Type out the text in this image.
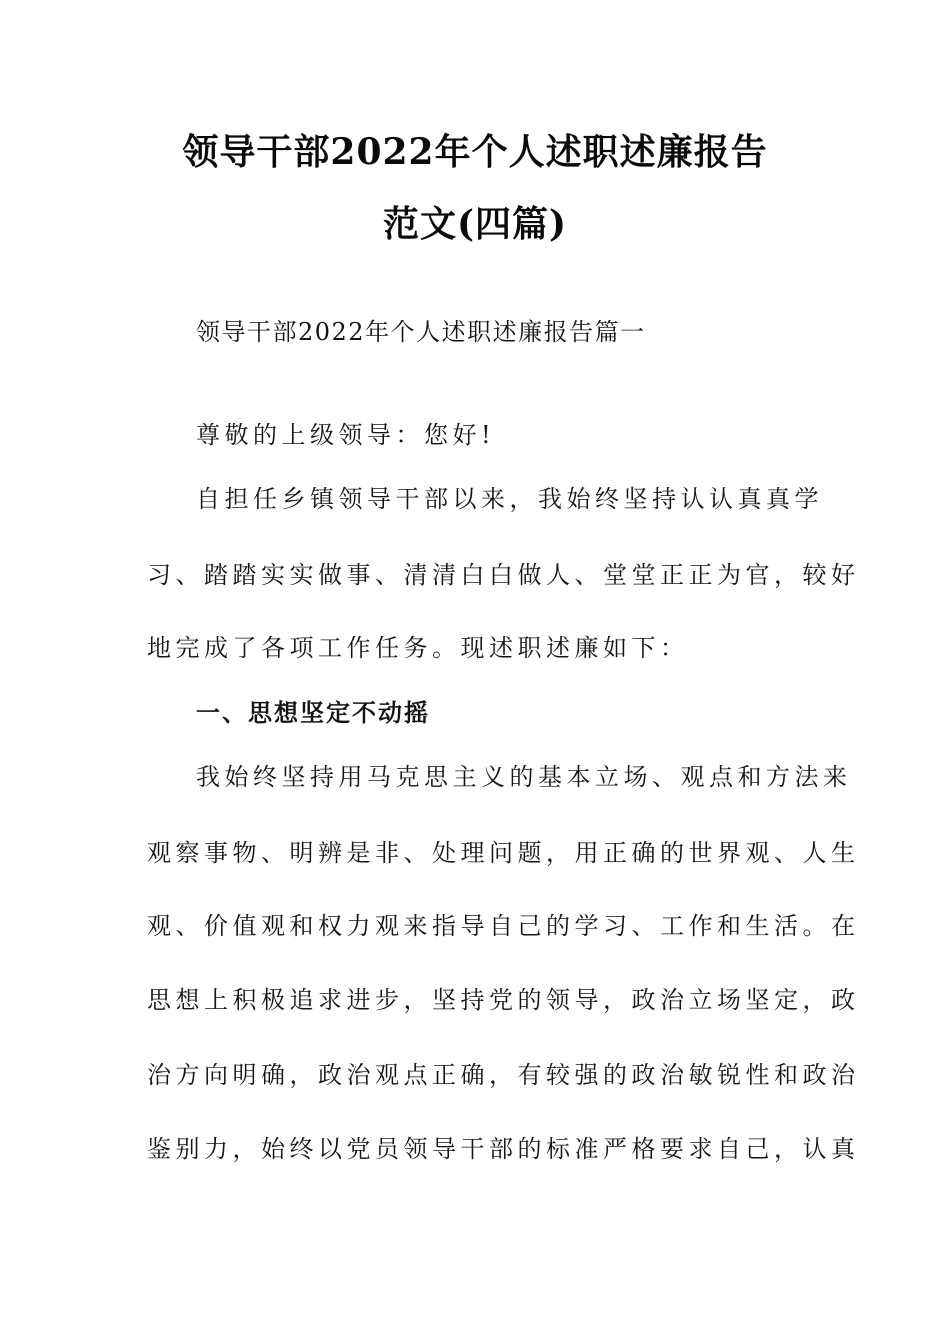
领导干部2022年个人述职述廉报告
范文(四篇)
领导干部2022年个人述职述廉报告篇一
尊敬的上级领导：您好!
自担任乡镇领导干部以来，我始终坚持认认真真学
习、踏踏实实做事、清清白白做人、堂堂正正为官，较好
地完成了各项工作任务。现述职述廉如下：
一、思想坚定不动摇
我始终坚持用马克思主义的基本立场、观点和方法来
观察事物、明辨是非、处理问题，用正确的世界观、人生
观、价值观和权力观来指导自己的学习、工作和生活。在
思想上积极追求进步，坚持党的领导，政治立场坚定，政
治方向明确，政治观点正确，有较强的政治敏锐性和政治
鉴别力，始终以党员领导干部的标准严格要求自己，认真
